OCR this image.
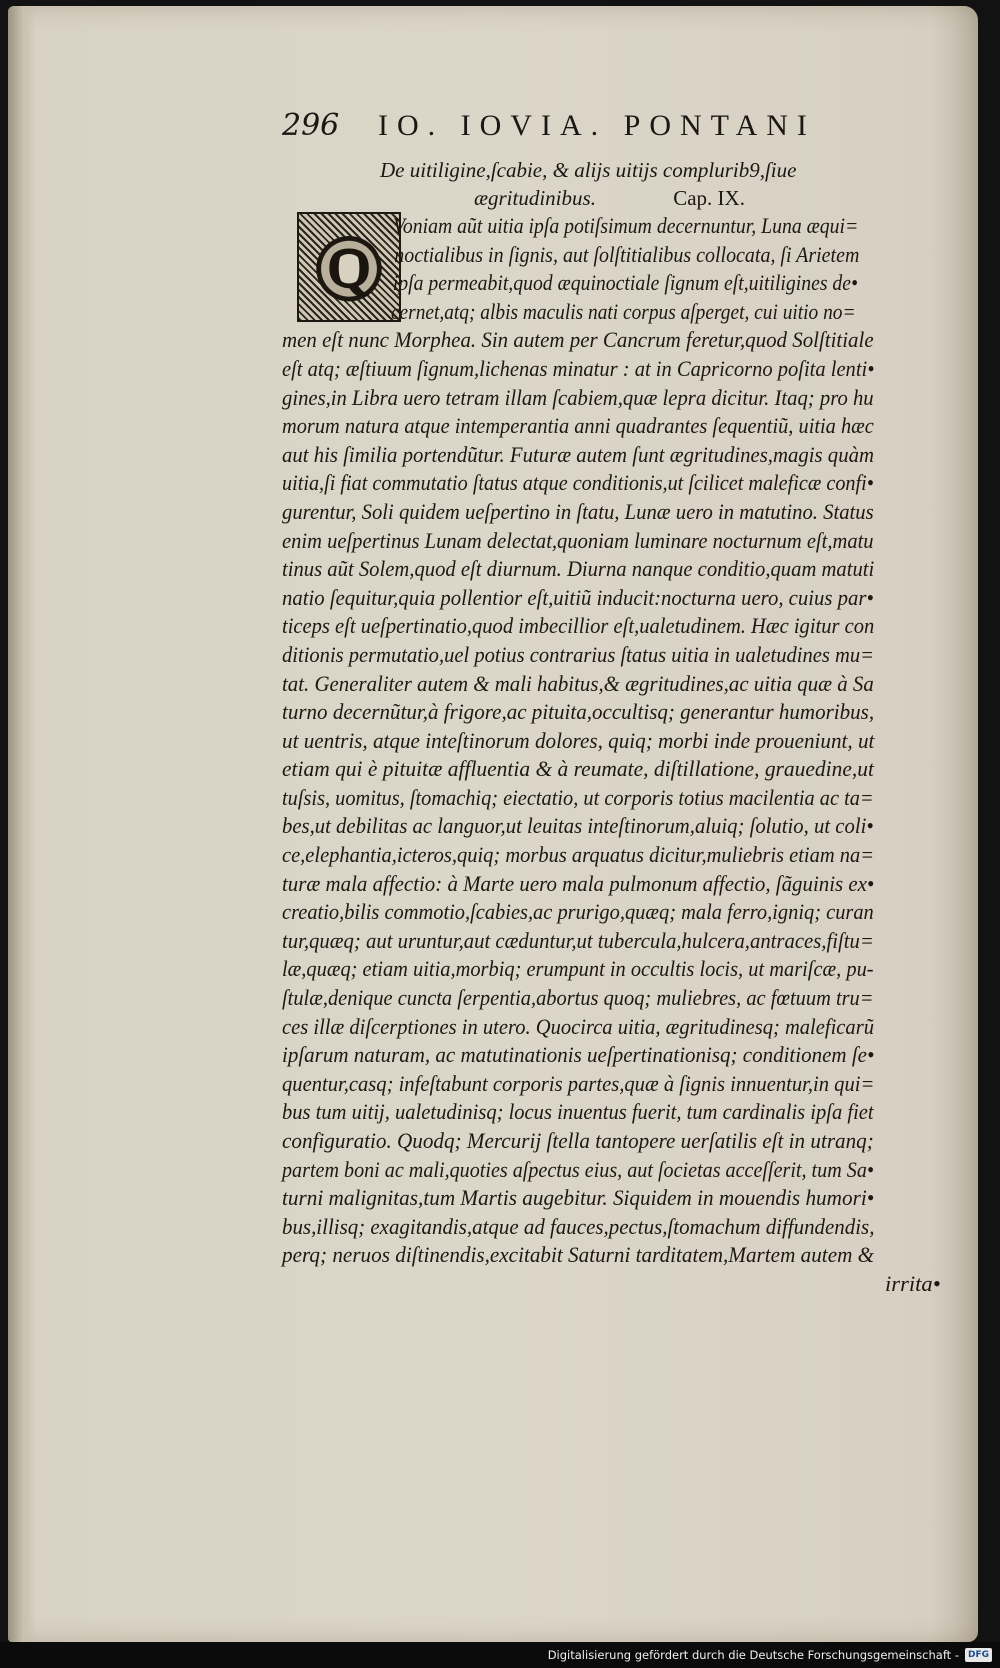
296	IO. IOVIA. PONTANI
De uitiligine,ſcabie, & alijs uitijs complurib9,ſiue
ægritudinibus.	Cap. IX.
Q
Voniam aũt uitia ipſa potiſsimum decernuntur, Luna æqui=
noctialibus in ſignis, aut ſolſtitialibus collocata, ſi Arietem
ipſa permeabit,quod æquinoctiale ſignum eſt,uitiligines de•
cernet,atq; albis maculis nati corpus aſperget, cui uitio no=
men eſt nunc Morphea. Sin autem per Cancrum feretur,quod Solſtitiale
eſt atq; æſtiuum ſignum,lichenas minatur : at in Capricorno poſita lenti•
gines,in Libra uero tetram illam ſcabiem,quæ lepra dicitur. Itaq; pro hu
morum natura atque intemperantia anni quadrantes ſequentiũ, uitia hæc
aut his ſimilia portendũtur. Futuræ autem ſunt ægritudines,magis quàm
uitia,ſi fiat commutatio ſtatus atque conditionis,ut ſcilicet maleficæ confi•
gurentur, Soli quidem ueſpertino in ſtatu, Lunæ uero in matutino. Status
enim ueſpertinus Lunam delectat,quoniam luminare nocturnum eſt,matu
tinus aũt Solem,quod eſt diurnum. Diurna nanque conditio,quam matuti
natio ſequitur,quia pollentior eſt,uitiũ inducit:nocturna uero, cuius par•
ticeps eſt ueſpertinatio,quod imbecillior eſt,ualetudinem. Hæc igitur con
ditionis permutatio,uel potius contrarius ſtatus uitia in ualetudines mu=
tat. Generaliter autem & mali habitus,& ægritudines,ac uitia quæ à Sa
turno decernũtur,à frigore,ac pituita,occultisq; generantur humoribus,
ut uentris, atque inteſtinorum dolores, quiq; morbi inde proueniunt, ut
etiam qui è pituitæ affluentia & à reumate, diſtillatione, grauedine,ut
tuſsis, uomitus, ſtomachiq; eiectatio, ut corporis totius macilentia ac ta=
bes,ut debilitas ac languor,ut leuitas inteſtinorum,aluiq; ſolutio, ut coli•
ce,elephantia,icteros,quiq; morbus arquatus dicitur,muliebris etiam na=
turæ mala affectio: à Marte uero mala pulmonum affectio, ſãguinis ex•
creatio,bilis commotio,ſcabies,ac prurigo,quæq; mala ferro,igniq; curan
tur,quæq; aut uruntur,aut cæduntur,ut tubercula,hulcera,antraces,fiſtu=
læ,quæq; etiam uitia,morbiq; erumpunt in occultis locis, ut mariſcæ, pu-
ſtulæ,denique cuncta ſerpentia,abortus quoq; muliebres, ac fœtuum tru=
ces illæ diſcerptiones in utero. Quocirca uitia, ægritudinesq; maleficarũ
ipſarum naturam, ac matutinationis ueſpertinationisq; conditionem ſe•
quentur,casq; infeſtabunt corporis partes,quæ à ſignis innuentur,in qui=
bus tum uitij, ualetudinisq; locus inuentus fuerit, tum cardinalis ipſa fiet
configuratio. Quodq; Mercurij ſtella tantopere uerſatilis eſt in utranq;
partem boni ac mali,quoties aſpectus eius, aut ſocietas acceſſerit, tum Sa•
turni malignitas,tum Martis augebitur. Siquidem in mouendis humori•
bus,illisq; exagitandis,atque ad fauces,pectus,ſtomachum diffundendis,
perq; neruos diſtinendis,excitabit Saturni tarditatem,Martem autem &
irrita•
Digitalisierung gefördert durch die Deutsche Forschungsgemeinschaft -	DFG
